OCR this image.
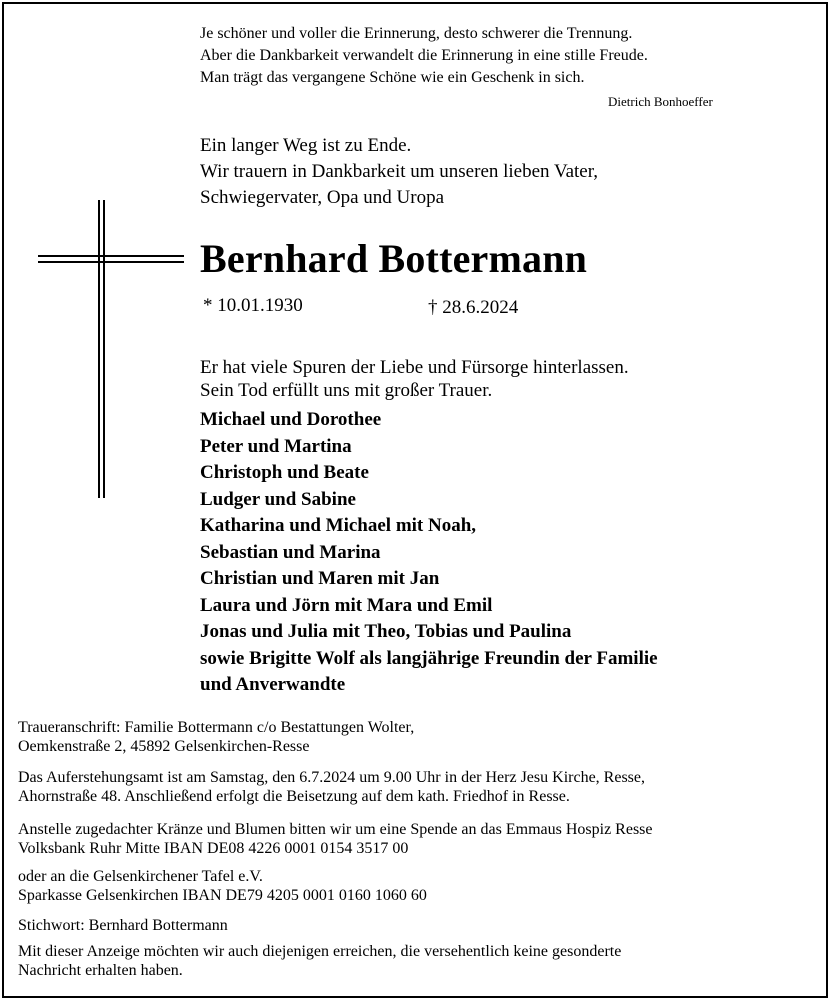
Je schöner und voller die Erinnerung, desto schwerer die Trennung.
Aber die Dankbarkeit verwandelt die Erinnerung in eine stille Freude.
Man trägt das vergangene Schöne wie ein Geschenk in sich.
Dietrich Bonhoeffer
Ein langer Weg ist zu Ende.
Wir trauern in Dankbarkeit um unseren lieben Vater,
Schwiegervater, Opa und Uropa
Bernhard Bottermann
* 10.01.1930	† 28.6.2024
Er hat viele Spuren der Liebe und Fürsorge hinterlassen.
Sein Tod erfüllt uns mit großer Trauer.
Michael und Dorothee
Peter und Martina
Christoph und Beate
Ludger und Sabine
Katharina und Michael mit Noah,
Sebastian und Marina
Christian und Maren mit Jan
Laura und Jörn mit Mara und Emil
Jonas und Julia mit Theo, Tobias und Paulina
sowie Brigitte Wolf als langjährige Freundin der Familie
und Anverwandte
Traueranschrift: Familie Bottermann c/o Bestattungen Wolter,
Oemkenstraße 2, 45892 Gelsenkirchen-Resse
Das Auferstehungsamt ist am Samstag, den 6.7.2024 um 9.00 Uhr in der Herz Jesu Kirche, Resse,
Ahornstraße 48. Anschließend erfolgt die Beisetzung auf dem kath. Friedhof in Resse.
Anstelle zugedachter Kränze und Blumen bitten wir um eine Spende an das Emmaus Hospiz Resse
Volksbank Ruhr Mitte IBAN DE08 4226 0001 0154 3517 00
oder an die Gelsenkirchener Tafel e.V.
Sparkasse Gelsenkirchen IBAN DE79 4205 0001 0160 1060 60
Stichwort: Bernhard Bottermann
Mit dieser Anzeige möchten wir auch diejenigen erreichen, die versehentlich keine gesonderte
Nachricht erhalten haben.
